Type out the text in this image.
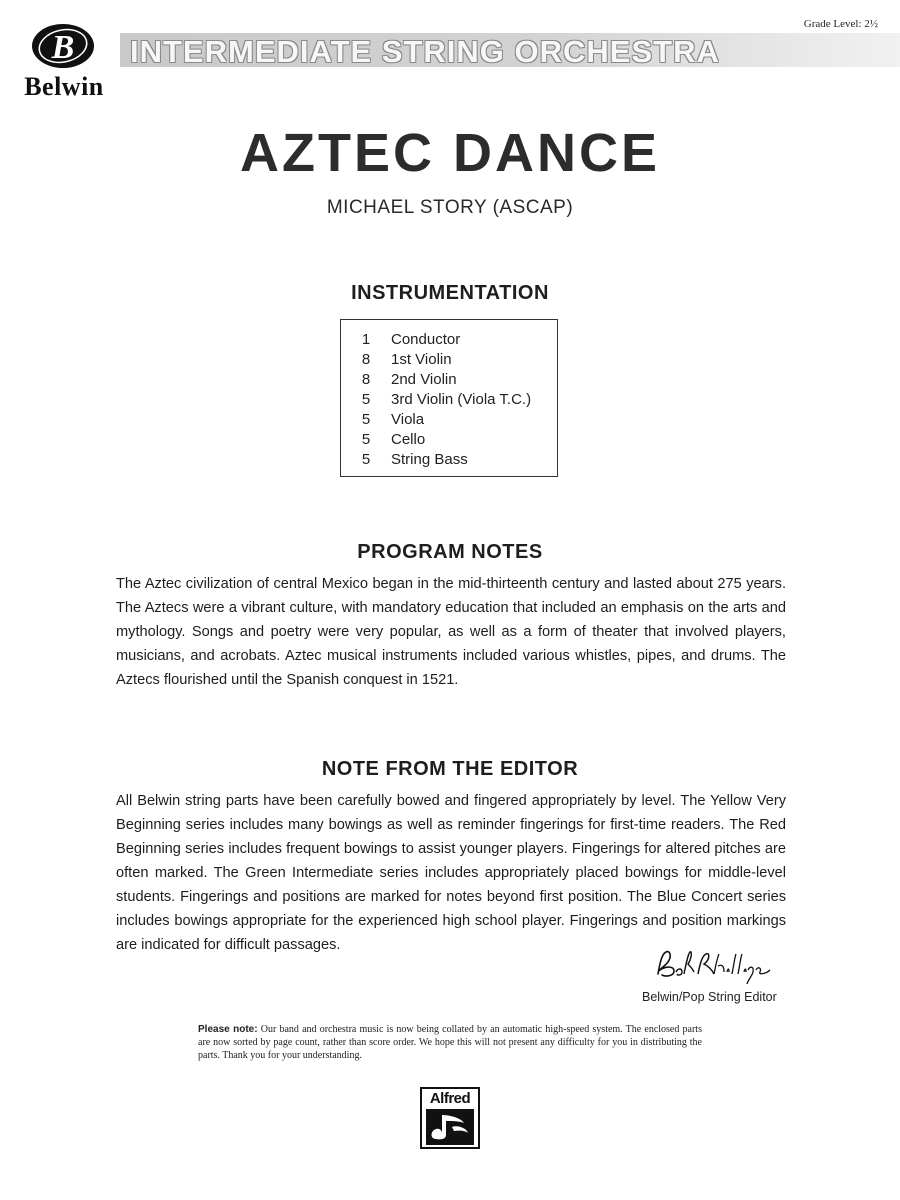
B
Belwin
INTERMEDIATE STRING ORCHESTRA
Grade Level: 2½
AZTEC DANCE
MICHAEL STORY (ASCAP)
INSTRUMENTATION
1	Conductor
8	1st Violin
8	2nd Violin
5	3rd Violin (Viola T.C.)
5	Viola
5	Cello
5	String Bass
PROGRAM NOTES
The Aztec civilization of central Mexico began in the mid-thirteenth century and lasted about 275 years. The Aztecs were a vibrant culture, with mandatory education that included an emphasis on the arts and mythology. Songs and poetry were very popular, as well as a form of theater that involved players, musicians, and acrobats. Aztec musical instruments included various whistles, pipes, and drums. The Aztecs flourished until the Spanish conquest in 1521.
NOTE FROM THE EDITOR
All Belwin string parts have been carefully bowed and fingered appropriately by level. The Yellow Very Beginning series includes many bowings as well as reminder fingerings for first-time readers. The Red Beginning series includes frequent bowings to assist younger players. Fingerings for altered pitches are often marked. The Green Intermediate series includes appropriately placed bowings for middle-level students. Fingerings and positions are marked for notes beyond first position. The Blue Concert series includes bowings appropriate for the experienced high school player. Fingerings and position markings are indicated for difficult passages.
Belwin/Pop String Editor
Please note: Our band and orchestra music is now being collated by an automatic high-speed system. The enclosed parts are now sorted by page count, rather than score order. We hope this will not present any difficulty for you in distributing the parts. Thank you for your understanding.
Alfred
